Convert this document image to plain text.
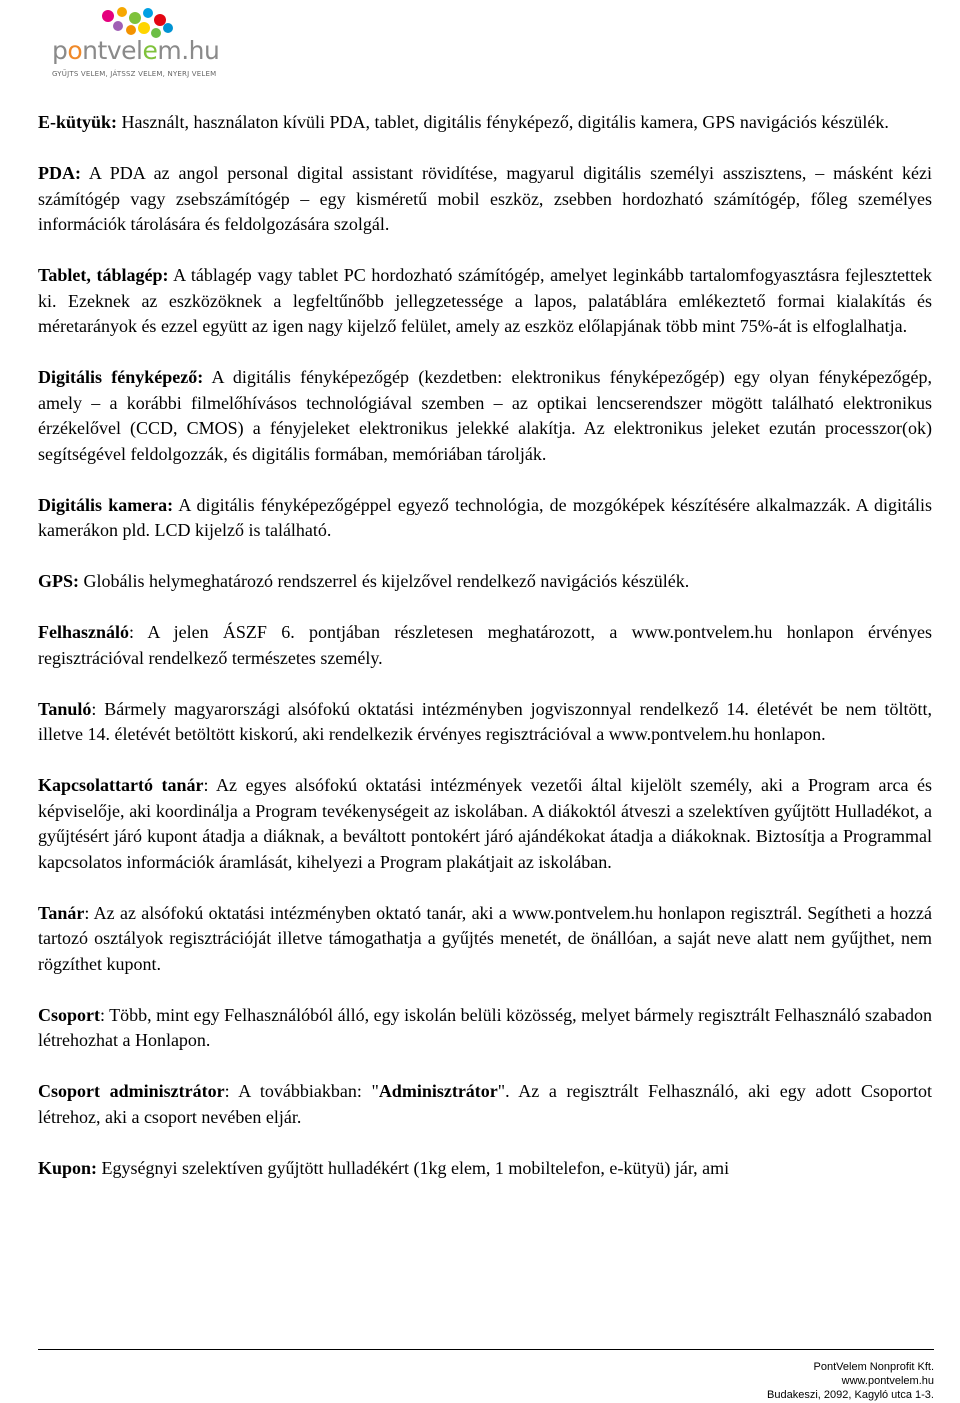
pontvelem.hu
GYŰJTS VELEM, JÁTSSZ VELEM, NYERJ VELEM

E-kütyük: Használt, használaton kívüli PDA, tablet, digitális fényképező, digitális kamera, GPS navigációs készülék.

PDA: A PDA az angol personal digital assistant rövidítése, magyarul digitális személyi asszisztens, – másként kézi számítógép vagy zsebszámítógép – egy kisméretű mobil eszköz, zsebben hordozható számítógép, főleg személyes információk tárolására és feldolgozására szolgál.

Tablet, táblagép: A táblagép vagy tablet PC hordozható számítógép, amelyet leginkább tartalomfogyasztásra fejlesztettek ki. Ezeknek az eszközöknek a legfeltűnőbb jellegzetessége a lapos, palatáblára emlékeztető formai kialakítás és méretarányok és ezzel együtt az igen nagy kijelző felület, amely az eszköz előlapjának több mint 75%-át is elfoglalhatja.

Digitális fényképező: A digitális fényképezőgép (kezdetben: elektronikus fényképezőgép) egy olyan fényképezőgép, amely – a korábbi filmelőhívásos technológiával szemben – az optikai lencserendszer mögött található elektronikus érzékelővel (CCD, CMOS) a fényjeleket elektronikus jelekké alakítja. Az elektronikus jeleket ezután processzor(ok) segítségével feldolgozzák, és digitális formában, memóriában tárolják.

Digitális kamera: A digitális fényképezőgéppel egyező technológia, de mozgóképek készítésére alkalmazzák. A digitális kamerákon pld. LCD kijelző is található.

GPS: Globális helymeghatározó rendszerrel és kijelzővel rendelkező navigációs készülék.

Felhasználó: A jelen ÁSZF 6. pontjában részletesen meghatározott, a www.pontvelem.hu honlapon érvényes regisztrációval rendelkező természetes személy.

Tanuló: Bármely magyarországi alsófokú oktatási intézményben jogviszonnyal rendelkező 14. életévét be nem töltött, illetve 14. életévét betöltött kiskorú, aki rendelkezik érvényes regisztrációval a www.pontvelem.hu honlapon.

Kapcsolattartó tanár: Az egyes alsófokú oktatási intézmények vezetői által kijelölt személy, aki a Program arca és képviselője, aki koordinálja a Program tevékenységeit az iskolában. A diákoktól átveszi a szelektíven gyűjtött Hulladékot, a gyűjtésért járó kupont átadja a diáknak, a beváltott pontokért járó ajándékokat átadja a diákoknak. Biztosítja a Programmal kapcsolatos információk áramlását, kihelyezi a Program plakátjait az iskolában.

Tanár: Az az alsófokú oktatási intézményben oktató tanár, aki a www.pontvelem.hu honlapon regisztrál. Segítheti a hozzá tartozó osztályok regisztrációját illetve támogathatja a gyűjtés menetét, de önállóan, a saját neve alatt nem gyűjthet, nem rögzíthet kupont.

Csoport: Több, mint egy Felhasználóból álló, egy iskolán belüli közösség, melyet bármely regisztrált Felhasználó szabadon létrehozhat a Honlapon.

Csoport adminisztrátor: A továbbiakban: "Adminisztrátor". Az a regisztrált Felhasználó, aki egy adott Csoportot létrehoz, aki a csoport nevében eljár.

Kupon: Egységnyi szelektíven gyűjtött hulladékért (1kg elem, 1 mobiltelefon, e-kütyü) jár, ami

PontVelem Nonprofit Kft.
www.pontvelem.hu
Budakeszi, 2092, Kagyló utca 1-3.
